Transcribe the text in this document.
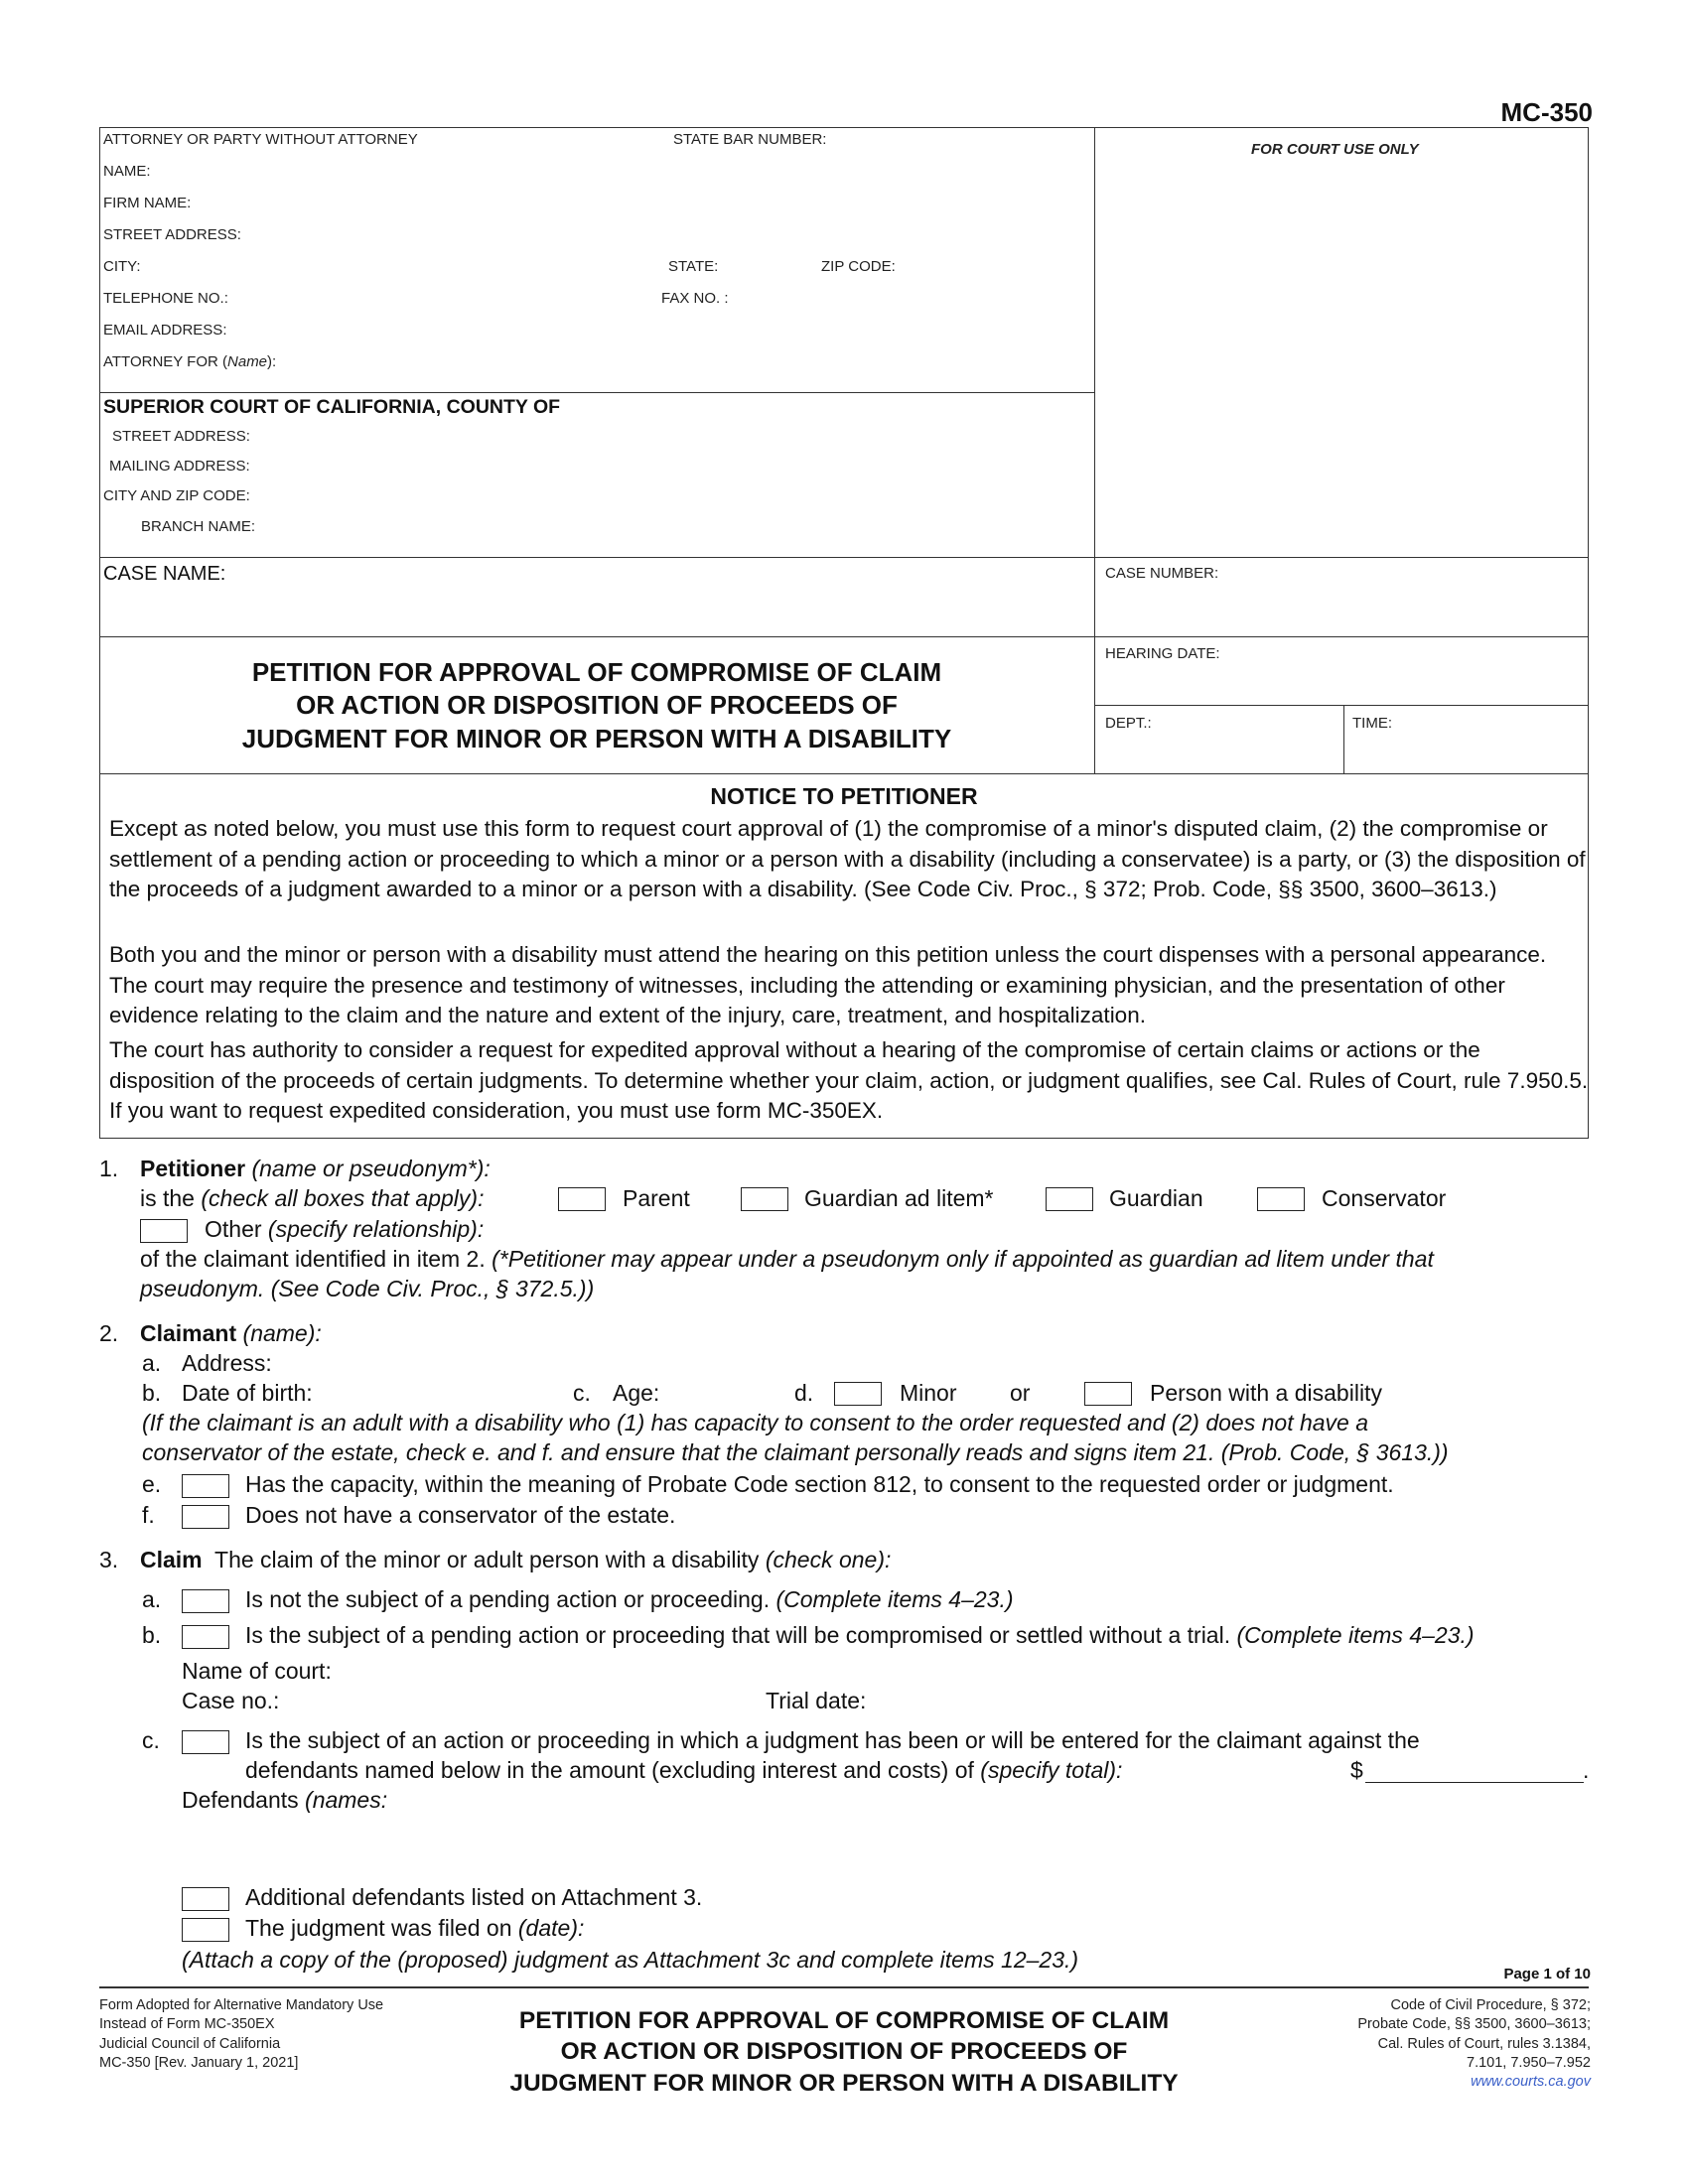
MC-350
ATTORNEY OR PARTY WITHOUT ATTORNEY	STATE BAR NUMBER:
FOR COURT USE ONLY
NAME:
FIRM NAME:
STREET ADDRESS:
CITY:	STATE:	ZIP CODE:
TELEPHONE NO.:	FAX NO. :
EMAIL ADDRESS:
ATTORNEY FOR (Name):
SUPERIOR COURT OF CALIFORNIA, COUNTY OF
STREET ADDRESS:
MAILING ADDRESS:
CITY AND ZIP CODE:
BRANCH NAME:
CASE NAME:	CASE NUMBER:
HEARING DATE:
DEPT.:	TIME:
PETITION FOR APPROVAL OF COMPROMISE OF CLAIM
OR ACTION OR DISPOSITION OF PROCEEDS OF
JUDGMENT FOR MINOR OR PERSON WITH A DISABILITY
NOTICE TO PETITIONER
Except as noted below, you must use this form to request court approval of (1) the compromise of a minor's disputed claim, (2) the compromise or settlement of a pending action or proceeding to which a minor or a person with a disability (including a conservatee) is a party, or (3) the disposition of the proceeds of a judgment awarded to a minor or a person with a disability. (See Code Civ. Proc., § 372; Prob. Code, §§ 3500, 3600–3613.)
Both you and the minor or person with a disability must attend the hearing on this petition unless the court dispenses with a personal appearance. The court may require the presence and testimony of witnesses, including the attending or examining physician, and the presentation of other evidence relating to the claim and the nature and extent of the injury, care, treatment, and hospitalization.
The court has authority to consider a request for expedited approval without a hearing of the compromise of certain claims or actions or the disposition of the proceeds of certain judgments. To determine whether your claim, action, or judgment qualifies, see Cal. Rules of Court, rule 7.950.5. If you want to request expedited consideration, you must use form MC-350EX.
1. Petitioner (name or pseudonym*):
is the (check all boxes that apply):	Parent	Guardian ad litem*	Guardian	Conservator
Other (specify relationship):
of the claimant identified in item 2. (*Petitioner may appear under a pseudonym only if appointed as guardian ad litem under that
pseudonym. (See Code Civ. Proc., § 372.5.))
2. Claimant (name):
a. Address:
b. Date of birth:	c. Age:	d.	Minor or	Person with a disability
(If the claimant is an adult with a disability who (1) has capacity to consent to the order requested and (2) does not have a
conservator of the estate, check e. and f. and ensure that the claimant personally reads and signs item 21. (Prob. Code, § 3613.))
e.	Has the capacity, within the meaning of Probate Code section 812, to consent to the requested order or judgment.
f.	Does not have a conservator of the estate.
3. Claim The claim of the minor or adult person with a disability (check one):
a.	Is not the subject of a pending action or proceeding. (Complete items 4–23.)
b.	Is the subject of a pending action or proceeding that will be compromised or settled without a trial. (Complete items 4–23.)
Name of court:
Case no.:	Trial date:
c.	Is the subject of an action or proceeding in which a judgment has been or will be entered for the claimant against the
defendants named below in the amount (excluding interest and costs) of (specify total):	$	.
Defendants (names:
Additional defendants listed on Attachment 3.
The judgment was filed on (date):
(Attach a copy of the (proposed) judgment as Attachment 3c and complete items 12–23.)
Page 1 of 10
Form Adopted for Alternative Mandatory Use
Instead of Form MC-350EX
Judicial Council of California
MC-350 [Rev. January 1, 2021]
PETITION FOR APPROVAL OF COMPROMISE OF CLAIM
OR ACTION OR DISPOSITION OF PROCEEDS OF
JUDGMENT FOR MINOR OR PERSON WITH A DISABILITY
Code of Civil Procedure, § 372;
Probate Code, §§ 3500, 3600–3613;
Cal. Rules of Court, rules 3.1384,
7.101, 7.950–7.952
www.courts.ca.gov
